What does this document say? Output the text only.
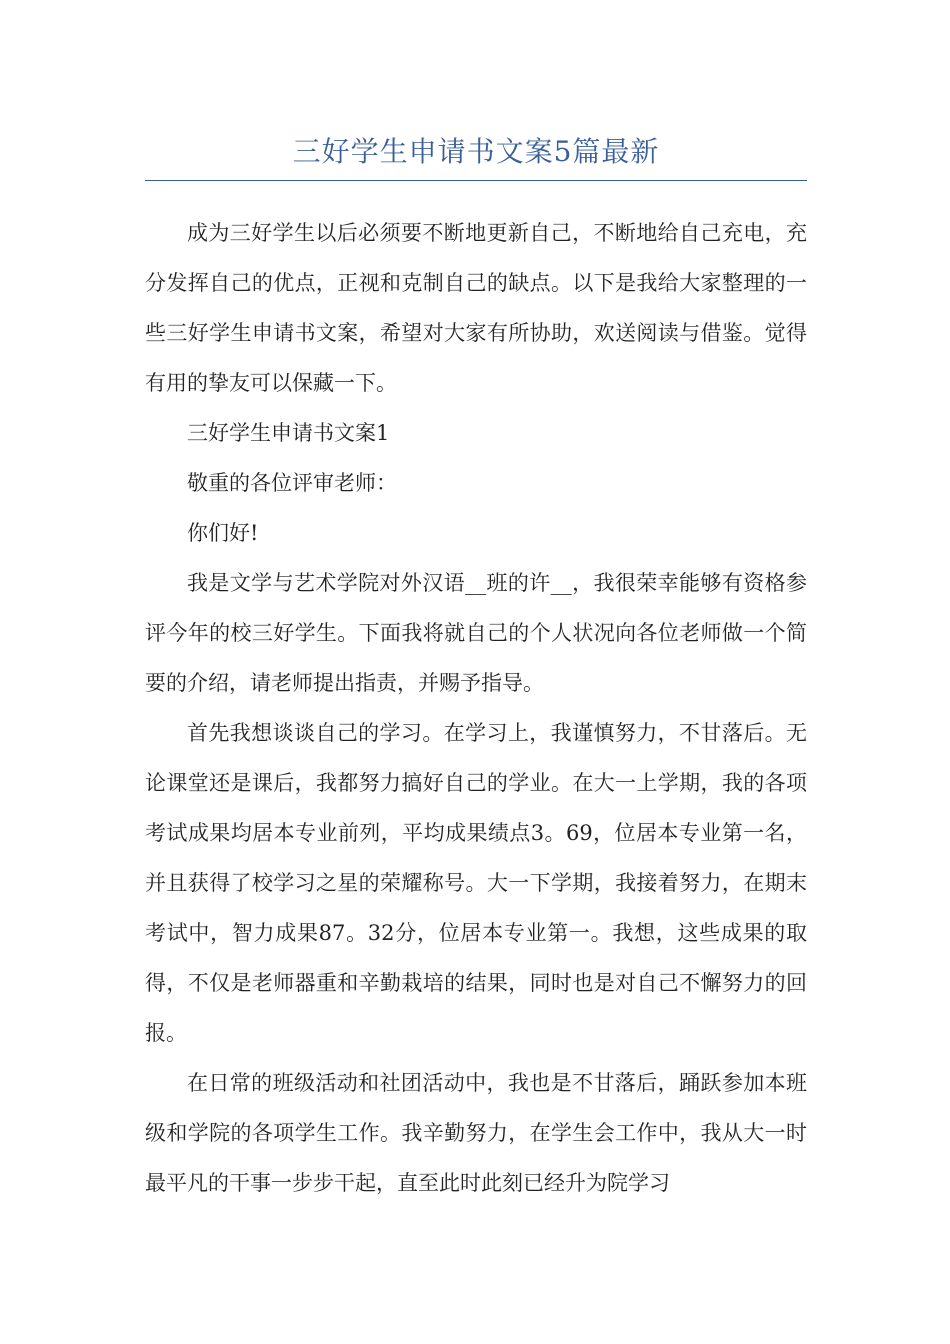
三好学生申请书文案5篇最新

成为三好学生以后必须要不断地更新自己，不断地给自己充电，充分发挥自己的优点，正视和克制自己的缺点。以下是我给大家整理的一些三好学生申请书文案，希望对大家有所协助，欢送阅读与借鉴。觉得有用的挚友可以保藏一下。

三好学生申请书文案1

敬重的各位评审老师：

你们好!

我是文学与艺术学院对外汉语__班的许__，我很荣幸能够有资格参评今年的校三好学生。下面我将就自己的个人状况向各位老师做一个简要的介绍，请老师提出指责，并赐予指导。

首先我想谈谈自己的学习。在学习上，我谨慎努力，不甘落后。无论课堂还是课后，我都努力搞好自己的学业。在大一上学期，我的各项考试成果均居本专业前列，平均成果绩点3。69，位居本专业第一名，并且获得了校学习之星的荣耀称号。大一下学期，我接着努力，在期末考试中，智力成果87。32分，位居本专业第一。我想，这些成果的取得，不仅是老师器重和辛勤栽培的结果，同时也是对自己不懈努力的回报。

在日常的班级活动和社团活动中，我也是不甘落后，踊跃参加本班级和学院的各项学生工作。我辛勤努力，在学生会工作中，我从大一时最平凡的干事一步步干起，直至此时此刻已经升为院学习
